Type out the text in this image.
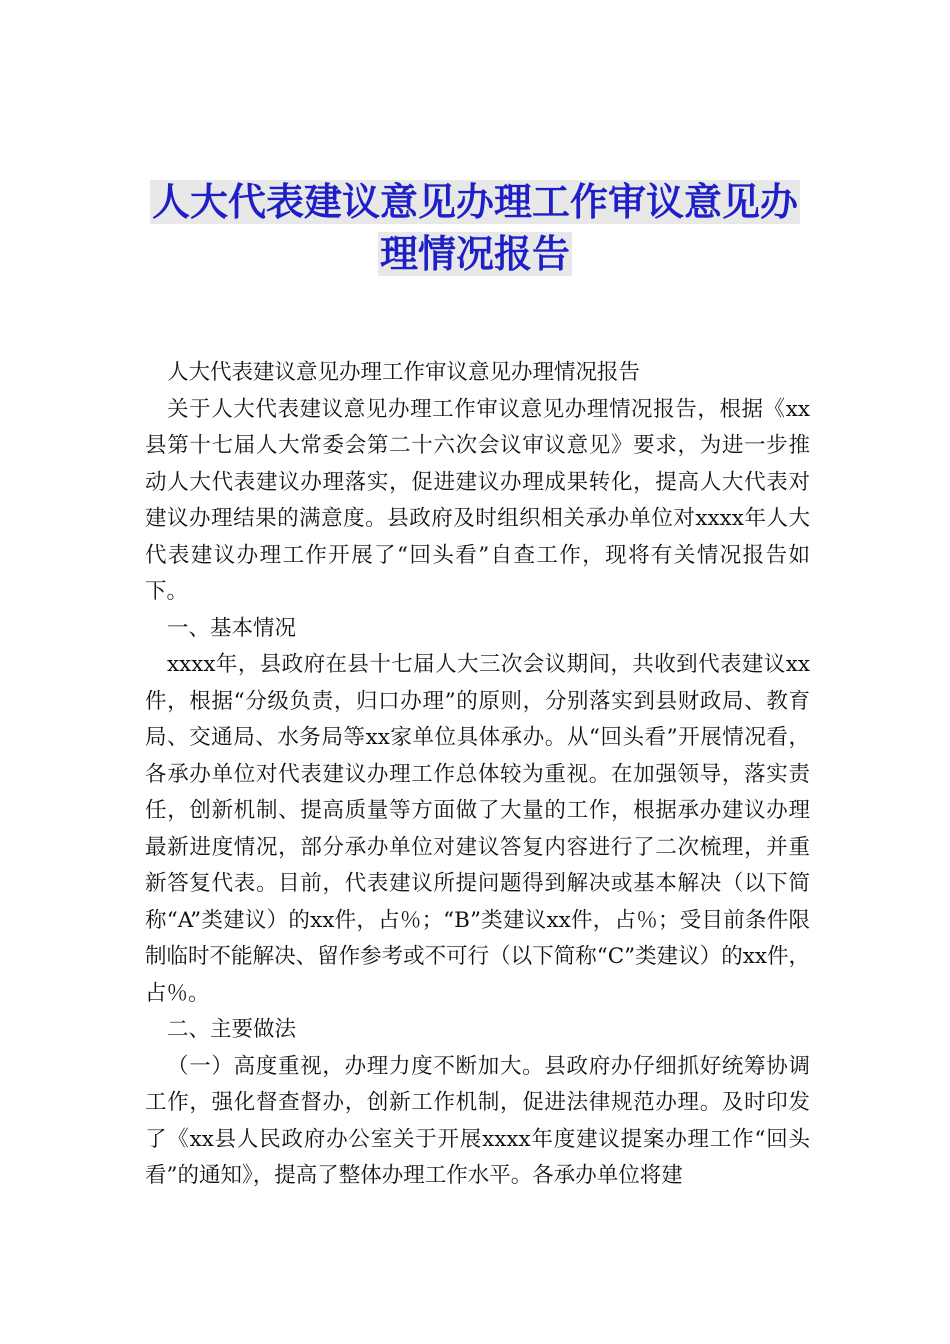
人大代表建议意见办理工作审议意见办
理情况报告

人大代表建议意见办理工作审议意见办理情况报告

关于人大代表建议意见办理工作审议意见办理情况报告，根据《xx县第十七届人大常委会第二十六次会议审议意见》要求，为进一步推动人大代表建议办理落实，促进建议办理成果转化，提高人大代表对建议办理结果的满意度。县政府及时组织相关承办单位对xxxx年人大代表建议办理工作开展了“回头看”自查工作，现将有关情况报告如下。

一、基本情况

xxxx年，县政府在县十七届人大三次会议期间，共收到代表建议xx件，根据“分级负责，归口办理”的原则，分别落实到县财政局、教育局、交通局、水务局等xx家单位具体承办。从“回头看”开展情况看，各承办单位对代表建议办理工作总体较为重视。在加强领导，落实责任，创新机制、提高质量等方面做了大量的工作，根据承办建议办理最新进度情况，部分承办单位对建议答复内容进行了二次梳理，并重新答复代表。目前，代表建议所提问题得到解决或基本解决（以下简称“A”类建议）的xx件，占％；“B”类建议xx件，占％；受目前条件限制临时不能解决、留作参考或不可行（以下简称“C”类建议）的xx件，占％。

二、主要做法

（一）高度重视，办理力度不断加大。县政府办仔细抓好统筹协调工作，强化督查督办，创新工作机制，促进法律规范办理。及时印发了《xx县人民政府办公室关于开展xxxx年度建议提案办理工作“回头看”的通知》，提高了整体办理工作水平。各承办单位将建
